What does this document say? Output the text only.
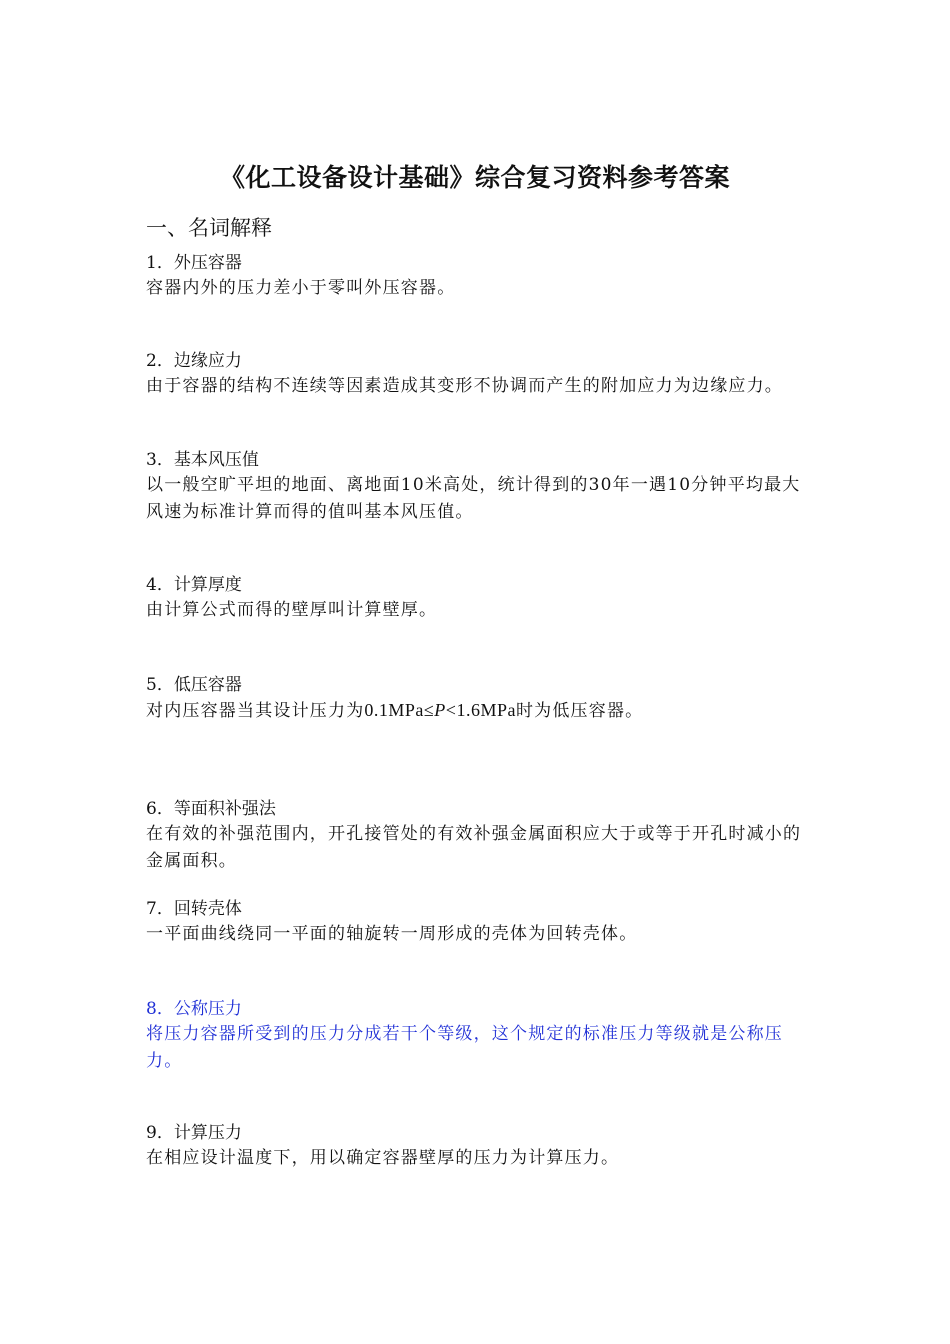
《化工设备设计基础》综合复习资料参考答案
一、名词解释

1．外压容器

容器内外的压力差小于零叫外压容器。

2．边缘应力

由于容器的结构不连续等因素造成其变形不协调而产生的附加应力为边缘应力。

3．基本风压值

以一般空旷平坦的地面、离地面10米高处，统计得到的30年一遇10分钟平均最大风速为标准计算而得的值叫基本风压值。

4．计算厚度

由计算公式而得的壁厚叫计算壁厚。

5．低压容器

对内压容器当其设计压力为0.1MPa≤P<1.6MPa时为低压容器。

6．等面积补强法

在有效的补强范围内，开孔接管处的有效补强金属面积应大于或等于开孔时减小的金属面积。

7．回转壳体

一平面曲线绕同一平面的轴旋转一周形成的壳体为回转壳体。

8．公称压力

将压力容器所受到的压力分成若干个等级，这个规定的标准压力等级就是公称压力。

9．计算压力

在相应设计温度下，用以确定容器壁厚的压力为计算压力。
